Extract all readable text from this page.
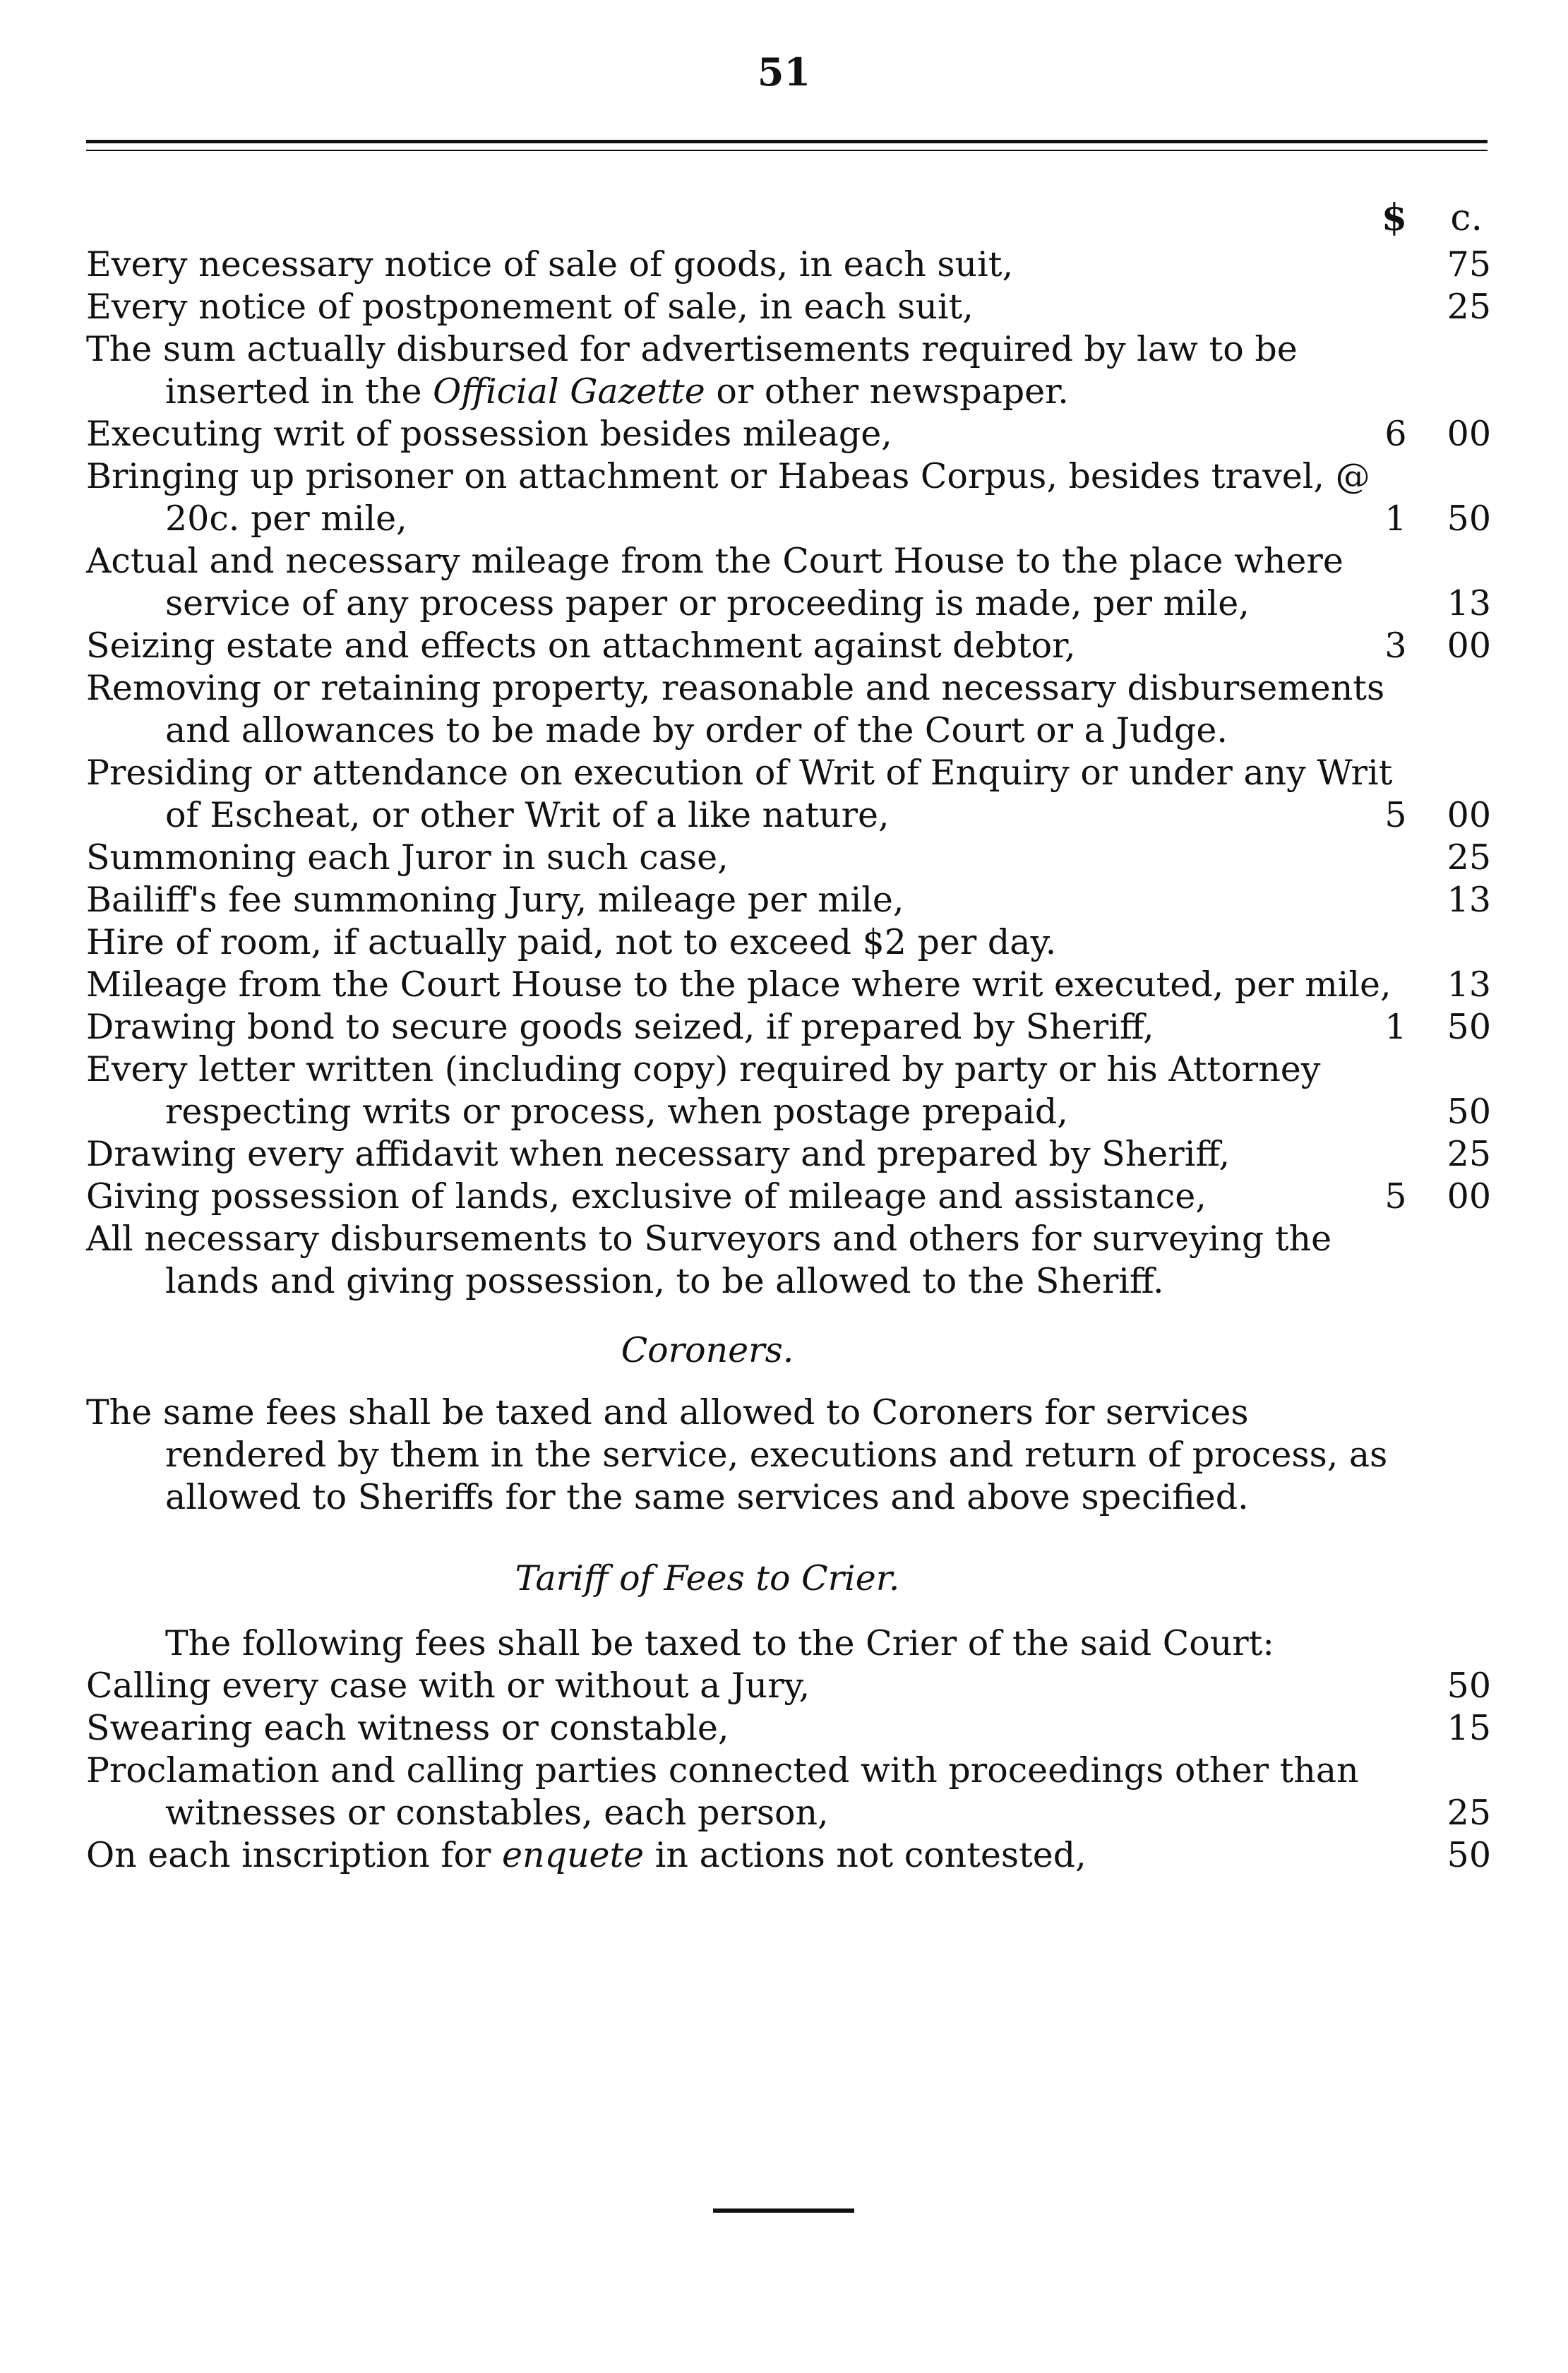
51
$ c.
Every necessary notice of sale of goods, in each suit,	75
Every notice of postponement of sale, in each suit,	25
The sum actually disbursed for advertisements required by law to be inserted in the Official Gazette or other newspaper.
Executing writ of possession besides mileage,	6	00
Bringing up prisoner on attachment or Habeas Corpus, besides travel, @ 20c. per mile,	1	50
Actual and necessary mileage from the Court House to the place where service of any process paper or proceeding is made, per mile,	13
Seizing estate and effects on attachment against debtor,	3	00
Removing or retaining property, reasonable and necessary disbursements and allowances to be made by order of the Court or a Judge.
Presiding or attendance on execution of Writ of Enquiry or under any Writ of Escheat, or other Writ of a like nature,	5	00
Summoning each Juror in such case,	25
Bailiff's fee summoning Jury, mileage per mile,	13
Hire of room, if actually paid, not to exceed $2 per day.
Mileage from the Court House to the place where writ executed, per mile,	13
Drawing bond to secure goods seized, if prepared by Sheriff,	1	50
Every letter written (including copy) required by party or his Attorney respecting writs or process, when postage prepaid,	50
Drawing every affidavit when necessary and prepared by Sheriff,	25
Giving possession of lands, exclusive of mileage and assistance,	5	00
All necessary disbursements to Surveyors and others for surveying the lands and giving possession, to be allowed to the Sheriff.
Coroners.
The same fees shall be taxed and allowed to Coroners for services rendered by them in the service, executions and return of process, as allowed to Sheriffs for the same services and above specified.
Tariff of Fees to Crier.
The following fees shall be taxed to the Crier of the said Court:
Calling every case with or without a Jury,	50
Swearing each witness or constable,	15
Proclamation and calling parties connected with proceedings other than witnesses or constables, each person,	25
On each inscription for enquete in actions not contested,	50
